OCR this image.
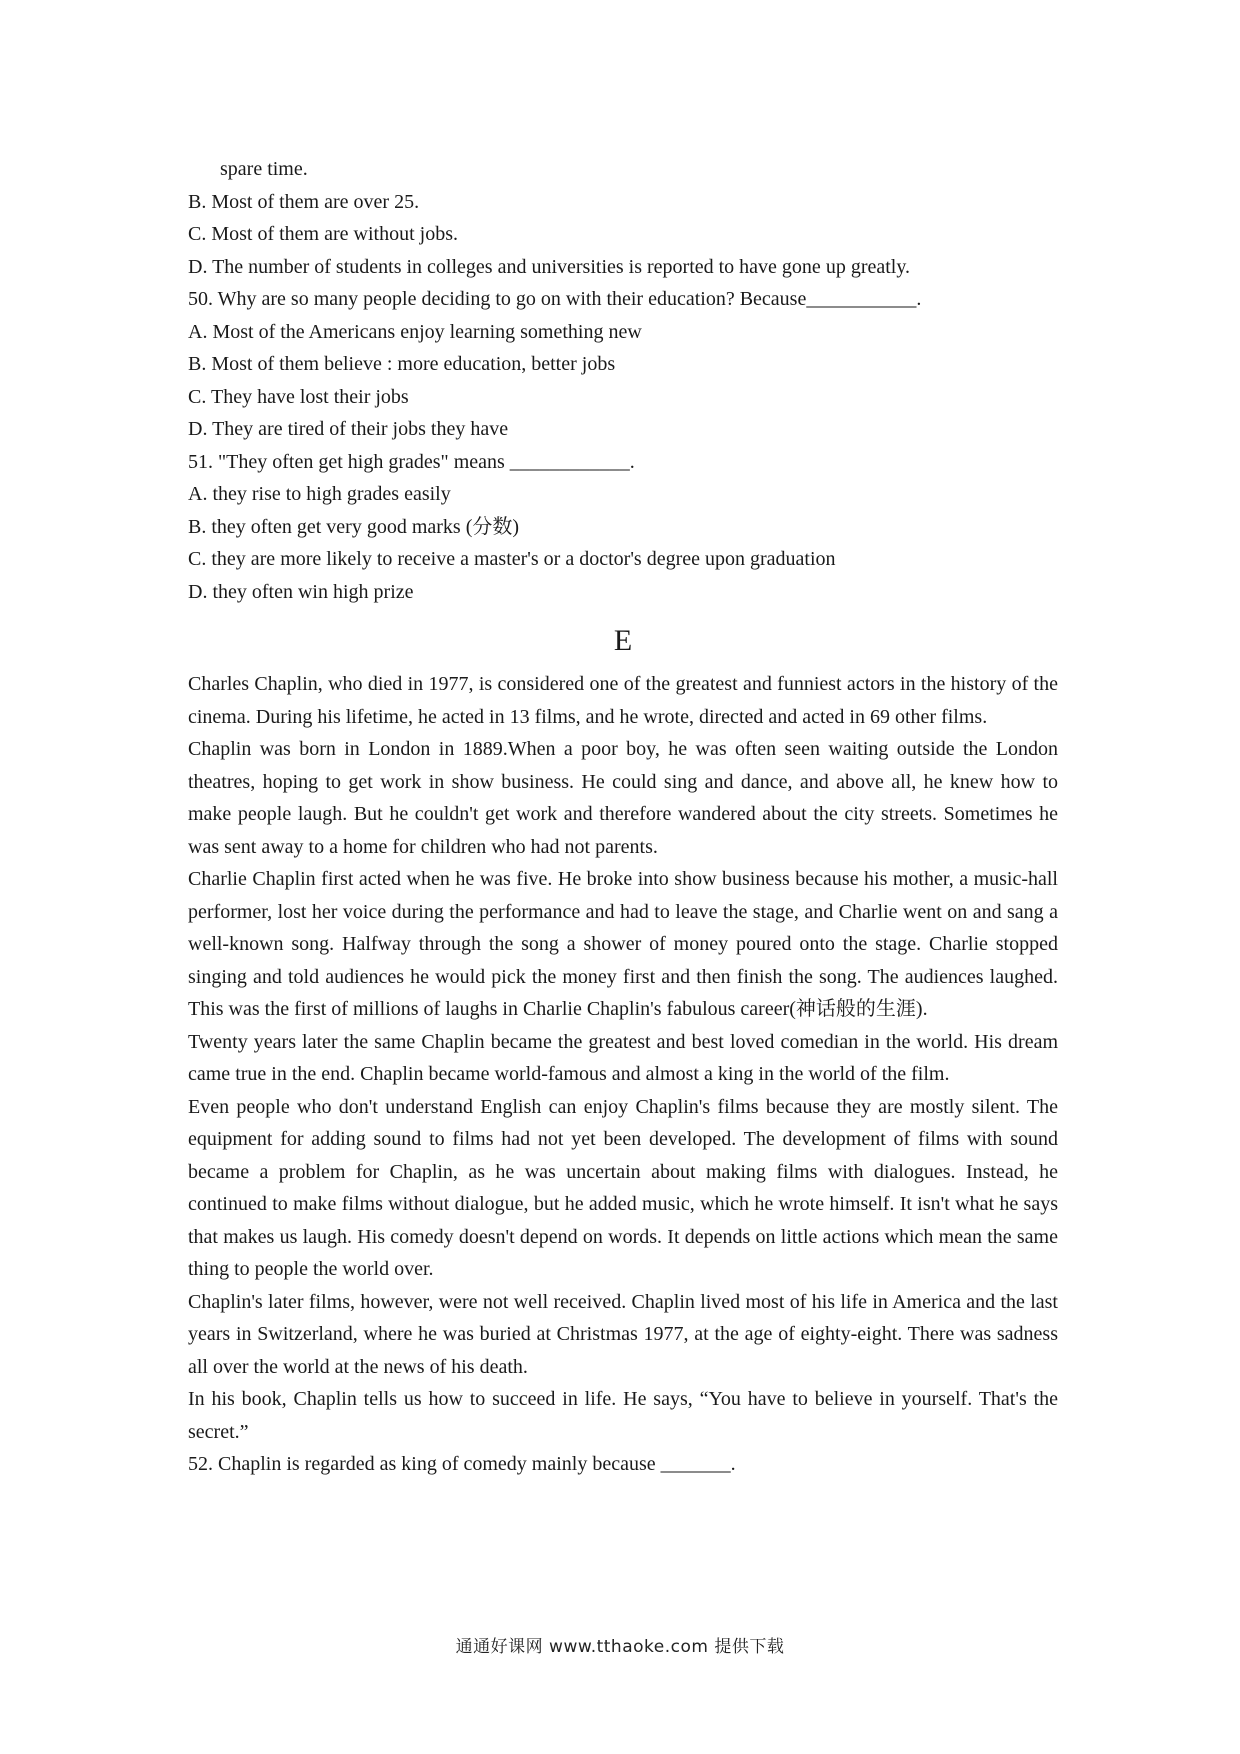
spare time.
B. Most of them are over 25.
C. Most of them are without jobs.
D. The number of students in colleges and universities is reported to have gone up greatly.
50. Why are so many people deciding to go on with their education? Because___________.
A. Most of the Americans enjoy learning something new
B. Most of them believe : more education, better jobs
C. They have lost their jobs
D. They are tired of their jobs they have
51. "They often get high grades" means ____________.
A. they rise to high grades easily
B. they often get very good marks (分数)
C. they are more likely to receive a master's or a doctor's degree upon graduation
D. they often win high prize
E

Charles Chaplin, who died in 1977, is considered one of the greatest and funniest actors in the history of the cinema. During his lifetime, he acted in 13 films, and he wrote, directed and acted in 69 other films.

Chaplin was born in London in 1889.When a poor boy, he was often seen waiting outside the London theatres, hoping to get work in show business. He could sing and dance, and above all, he knew how to make people laugh. But he couldn't get work and therefore wandered about the city streets. Sometimes he was sent away to a home for children who had not parents.

Charlie Chaplin first acted when he was five. He broke into show business because his mother, a music-hall performer, lost her voice during the performance and had to leave the stage, and Charlie went on and sang a well-known song. Halfway through the song a shower of money poured onto the stage. Charlie stopped singing and told audiences he would pick the money first and then finish the song. The audiences laughed. This was the first of millions of laughs in Charlie Chaplin's fabulous career(神话般的生涯).

Twenty years later the same Chaplin became the greatest and best loved comedian in the world. His dream came true in the end. Chaplin became world-famous and almost a king in the world of the film.

Even people who don't understand English can enjoy Chaplin's films because they are mostly silent. The equipment for adding sound to films had not yet been developed. The development of films with sound became a problem for Chaplin, as he was uncertain about making films with dialogues. Instead, he continued to make films without dialogue, but he added music, which he wrote himself. It isn't what he says that makes us laugh. His comedy doesn't depend on words. It depends on little actions which mean the same thing to people the world over.

Chaplin's later films, however, were not well received. Chaplin lived most of his life in America and the last years in Switzerland, where he was buried at Christmas 1977, at the age of eighty-eight. There was sadness all over the world at the news of his death.

In his book, Chaplin tells us how to succeed in life. He says, “You have to believe in yourself. That's the secret.”

52. Chaplin is regarded as king of comedy mainly because _______.
通通好课网 www.tthaoke.com 提供下载
